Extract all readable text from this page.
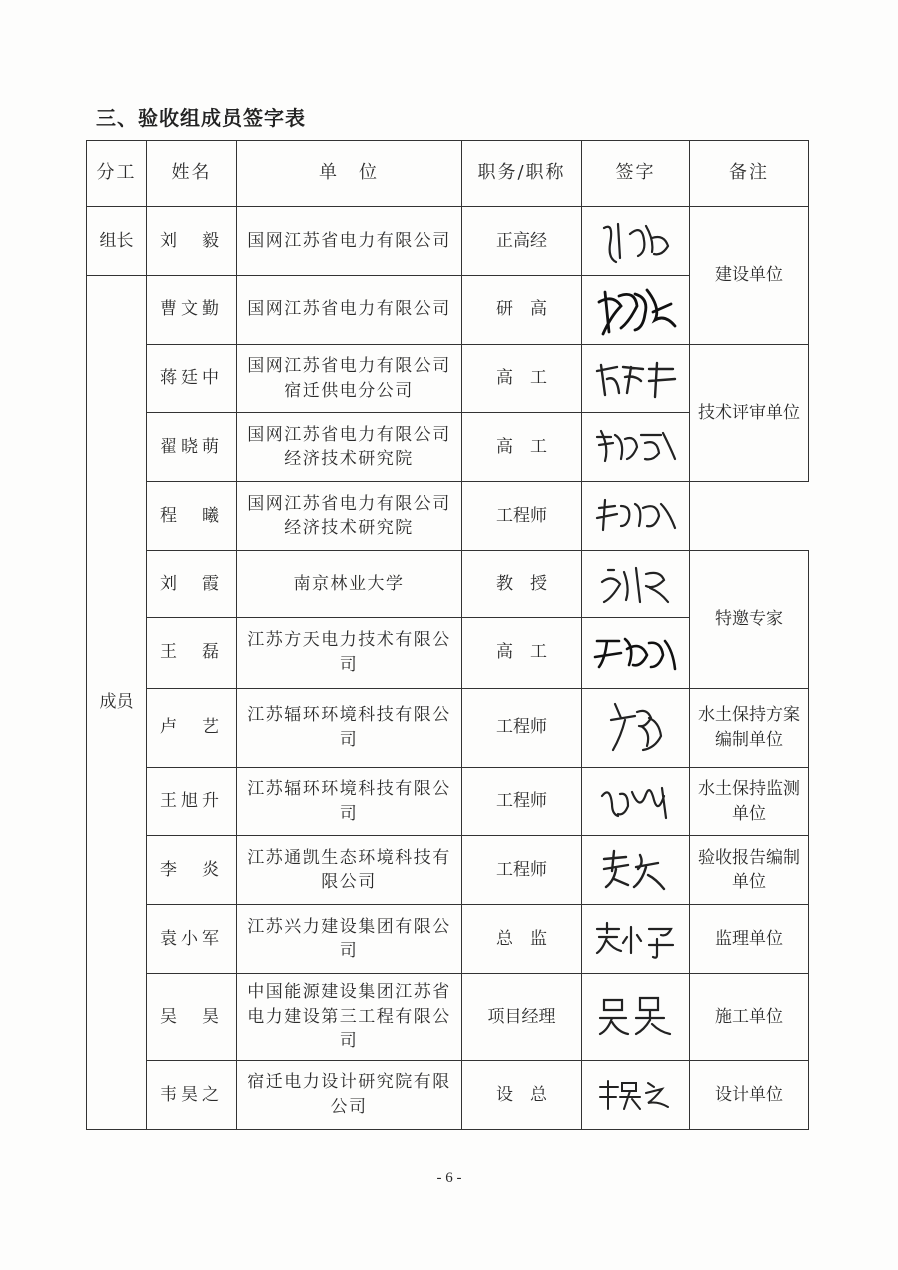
三、验收组成员签字表
分工	姓名	单　位	职务/职称	签字	备注
组长	刘　毅	国网江苏省电力有限公司	正高经		建设单位
成员	曹文勤	国网江苏省电力有限公司	研　高	

	蒋廷中	国网江苏省电力有限公司宿迁供电分公司	高　工		技术评审单位
	翟晓萌	国网江苏省电力有限公司经济技术研究院	高　工	

	程　曦	国网江苏省电力有限公司经济技术研究院	工程师	

	刘　霞	南京林业大学	教　授		特邀专家
	王　磊	江苏方天电力技术有限公司	高　工	

	卢　艺	江苏辐环环境科技有限公司	工程师		水土保持方案编制单位
	王旭升	江苏辐环环境科技有限公司	工程师		水土保持监测单位
	李　炎	江苏通凯生态环境科技有限公司	工程师		验收报告编制单位
	袁小军	江苏兴力建设集团有限公司	总　监		监理单位
	吴　昊	中国能源建设集团江苏省电力建设第三工程有限公司	项目经理		施工单位
	韦昊之	宿迁电力设计研究院有限公司	设　总		设计单位
- 6 -
